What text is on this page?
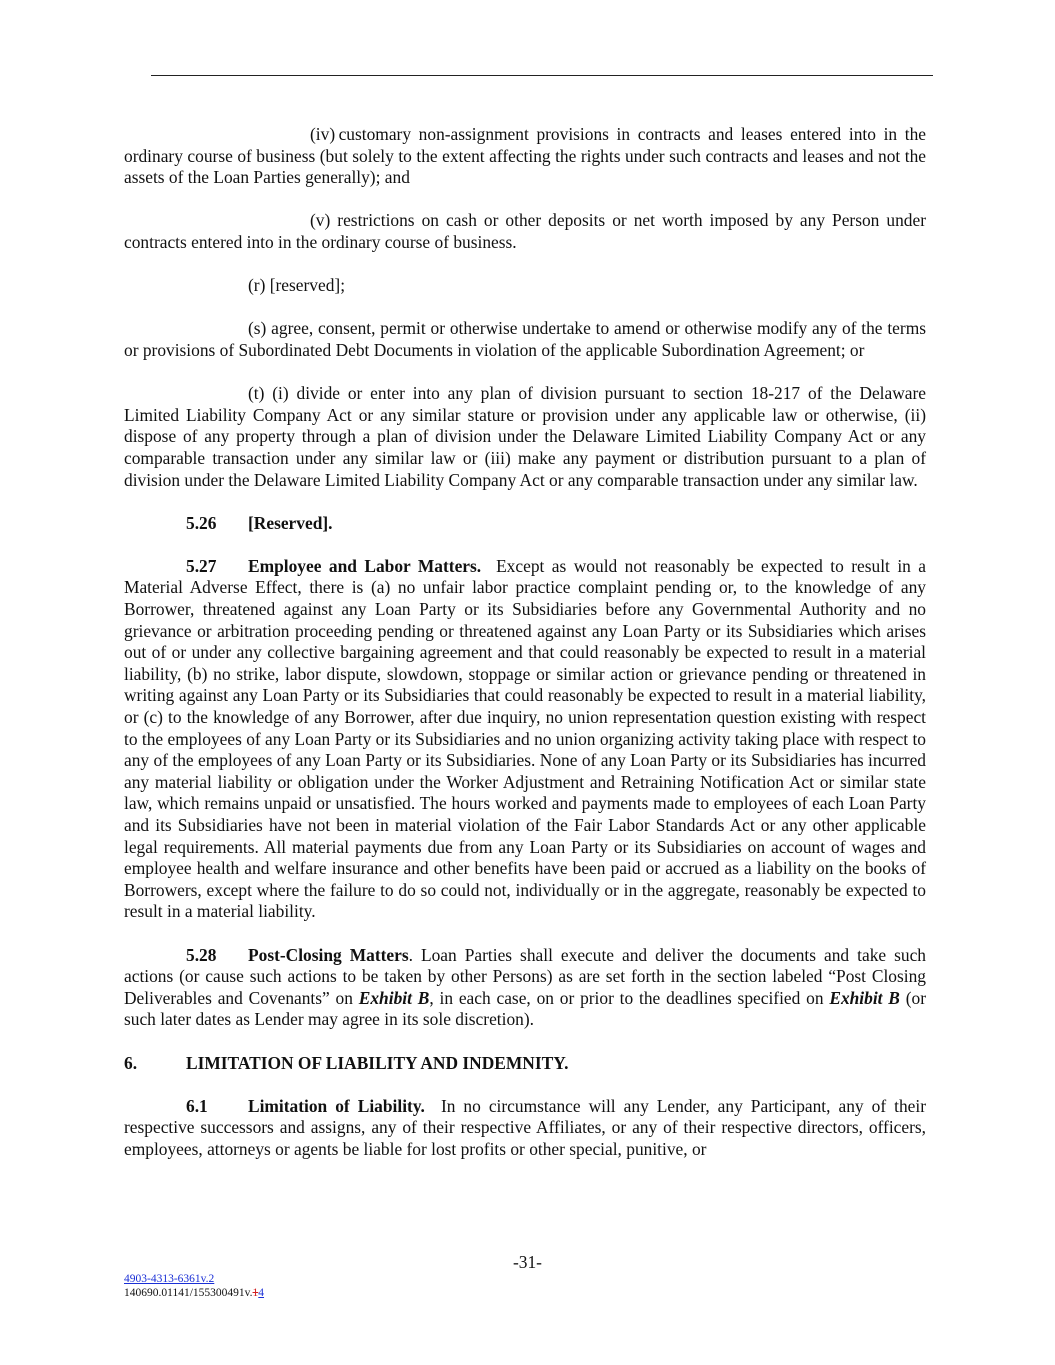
(iv) customary non-assignment provisions in contracts and leases entered into in the ordinary course of business (but solely to the extent affecting the rights under such contracts and leases and not the assets of the Loan Parties generally); and

(v) restrictions on cash or other deposits or net worth imposed by any Person under contracts entered into in the ordinary course of business.

(r) [reserved];

(s) agree, consent, permit or otherwise undertake to amend or otherwise modify any of the terms or provisions of Subordinated Debt Documents in violation of the applicable Subordination Agreement; or

(t) (i) divide or enter into any plan of division pursuant to section 18-217 of the Delaware Limited Liability Company Act or any similar stature or provision under any applicable law or otherwise, (ii) dispose of any property through a plan of division under the Delaware Limited Liability Company Act or any comparable transaction under any similar law or (iii) make any payment or distribution pursuant to a plan of division under the Delaware Limited Liability Company Act or any comparable transaction under any similar law.

5.26 [Reserved].

5.27 Employee and Labor Matters. Except as would not reasonably be expected to result in a Material Adverse Effect, there is (a) no unfair labor practice complaint pending or, to the knowledge of any Borrower, threatened against any Loan Party or its Subsidiaries before any Governmental Authority and no grievance or arbitration proceeding pending or threatened against any Loan Party or its Subsidiaries which arises out of or under any collective bargaining agreement and that could reasonably be expected to result in a material liability, (b) no strike, labor dispute, slowdown, stoppage or similar action or grievance pending or threatened in writing against any Loan Party or its Subsidiaries that could reasonably be expected to result in a material liability, or (c) to the knowledge of any Borrower, after due inquiry, no union representation question existing with respect to the employees of any Loan Party or its Subsidiaries and no union organizing activity taking place with respect to any of the employees of any Loan Party or its Subsidiaries. None of any Loan Party or its Subsidiaries has incurred any material liability or obligation under the Worker Adjustment and Retraining Notification Act or similar state law, which remains unpaid or unsatisfied. The hours worked and payments made to employees of each Loan Party and its Subsidiaries have not been in material violation of the Fair Labor Standards Act or any other applicable legal requirements. All material payments due from any Loan Party or its Subsidiaries on account of wages and employee health and welfare insurance and other benefits have been paid or accrued as a liability on the books of Borrowers, except where the failure to do so could not, individually or in the aggregate, reasonably be expected to result in a material liability.

5.28 Post-Closing Matters. Loan Parties shall execute and deliver the documents and take such actions (or cause such actions to be taken by other Persons) as are set forth in the section labeled “Post Closing Deliverables and Covenants” on Exhibit B, in each case, on or prior to the deadlines specified on Exhibit B (or such later dates as Lender may agree in its sole discretion).

6.	LIMITATION OF LIABILITY AND INDEMNITY.

6.1 Limitation of Liability. In no circumstance will any Lender, any Participant, any of their respective successors and assigns, any of their respective Affiliates, or any of their respective directors, officers, employees, attorneys or agents be liable for lost profits or other special, punitive, or

-31-
4903-4313-6361v.2
140690.01141/155300491v.14
